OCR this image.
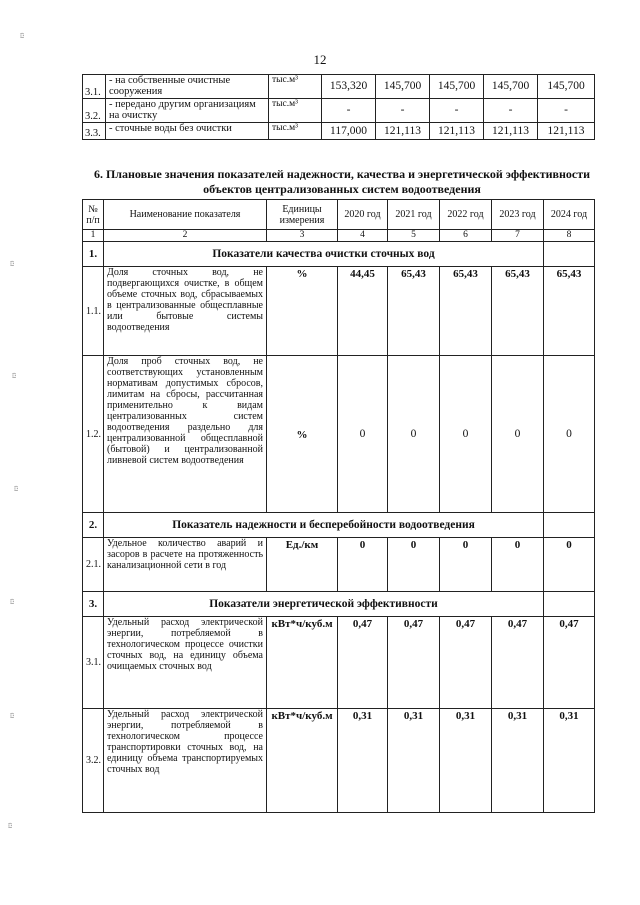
⁞⁚⁝
⁞⁚⁝
⁞⁚⁝
⁞⁚⁝
⁞⁚⁝
⁞⁚⁝
⁞⁚⁝
12
3.1.	- на собственные очистные сооружения	тыс.м³	153,320	145,700	145,700	145,700	145,700
3.2.	- передано другим организациям на очистку	тыс.м³	-	-	-	-	-
3.3.	- сточные воды без очистки	тыс.м³	117,000	121,113	121,113	121,113	121,113
6. Плановые значения показателей надежности, качества и энергетической эффективности объектов централизованных систем водоотведения
№ п/п	Наименование показателя	Единицы измерения	2020 год	2021 год	2022 год	2023 год	2024 год
1	2	3	4	5	6	7	8
1.	Показатели качества очистки сточных вод						
1.1.	Доля сточных вод, не подвергающихся очистке, в общем объеме сточных вод, сбрасываемых в централизованные общесплавные или бытовые системы водоотведения	%	44,45	65,43	65,43	65,43	65,43
1.2.	Доля проб сточных вод, не соответствующих установленным нормативам допустимых сбросов, лимитам на сбросы, рассчитанная применительно к видам централизованных систем водоотведения раздельно для централизованной общесплавной (бытовой) и централизованной ливневой систем водоотведения	%	0	0	0	0	0
2.	Показатель надежности и бесперебойности водоотведения						
2.1.	Удельное количество аварий и засоров в расчете на протяженность канализационной сети в год	Ед./км	0	0	0	0	0
3.	Показатели энергетической эффективности						
3.1.	Удельный расход электрической энергии, потребляемой в технологическом процессе очистки сточных вод, на единицу объема очищаемых сточных вод	кВт*ч/куб.м	0,47	0,47	0,47	0,47	0,47
3.2.	Удельный расход электрической энергии, потребляемой в технологическом процессе транспортировки сточных вод, на единицу объема транспортируемых сточных вод	кВт*ч/куб.м	0,31	0,31	0,31	0,31	0,31
